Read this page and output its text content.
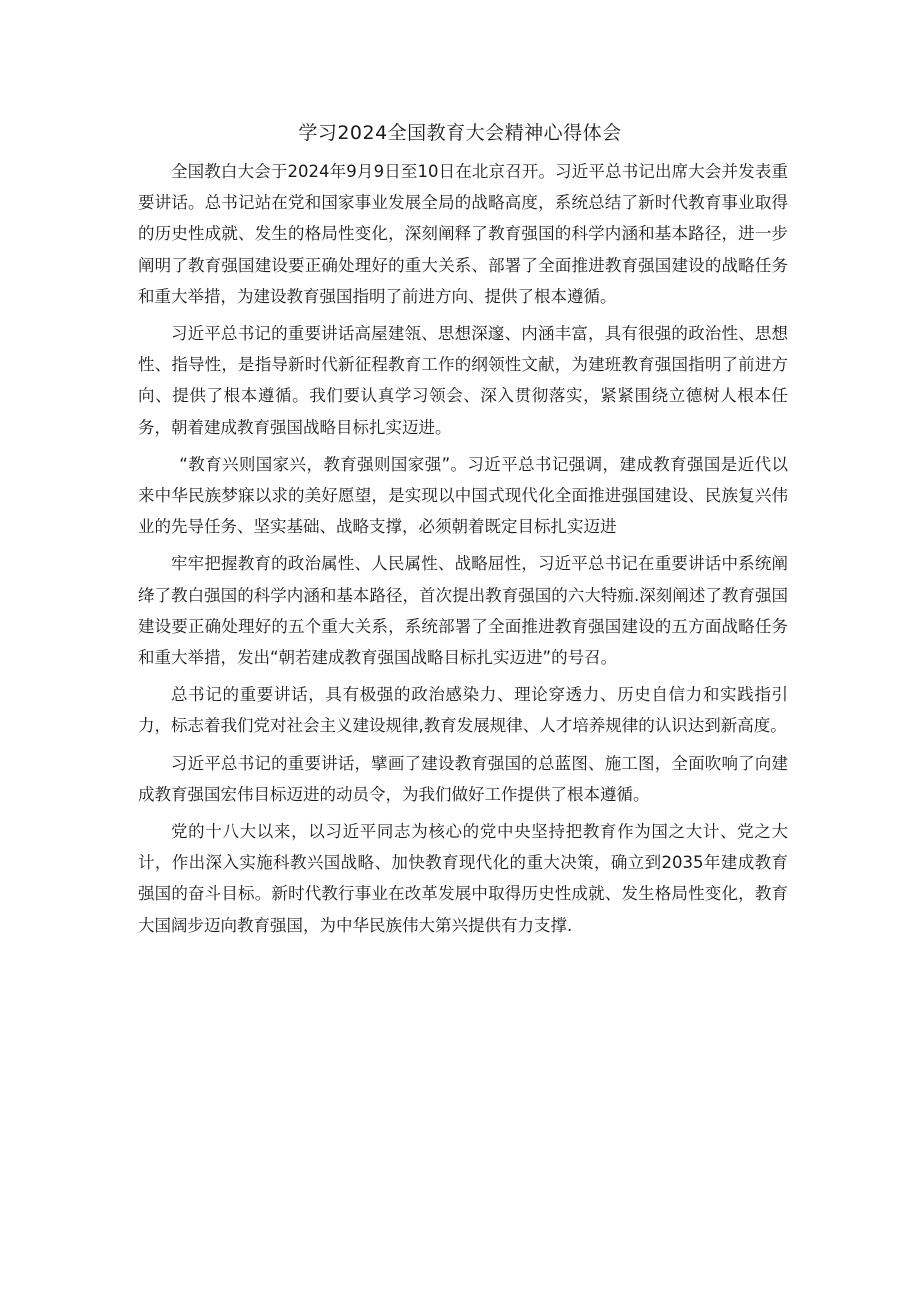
学习2024全国教育大会精神心得体会

全国教白大会于2024年9月9日至10日在北京召开。习近平总书记出席大会并发表重要讲话。总书记站在党和国家事业发展全局的战略高度，系统总结了新时代教育事业取得的历史性成就、发生的格局性变化，深刻阐释了教育强国的科学内涵和基本路径，进一步阐明了教育强国建设要正确处理好的重大关系、部署了全面推进教育强国建设的战略任务和重大举措，为建设教育强国指明了前进方向、提供了根本遵循。

习近平总书记的重要讲话高屋建瓴、思想深邃、内涵丰富，具有很强的政治性、思想性、指导性，是指导新时代新征程教育工作的纲领性文献，为建班教育强国指明了前进方向、提供了根本遵循。我们要认真学习领会、深入贯彻落实，紧紧围绕立德树人根本任务，朝着建成教育强国战略目标扎实迈进。

“教育兴则国家兴，教育强则国家强”。习近平总书记强调，建成教育强国是近代以来中华民族梦寐以求的美好愿望，是实现以中国式现代化全面推进强国建设、民族复兴伟业的先导任务、坚实基础、战略支撑，必须朝着既定目标扎实迈进

牢牢把握教育的政治属性、人民属性、战略屈性，习近平总书记在重要讲话中系统阐绛了教白强国的科学内涵和基本路径，首次提出教育强国的六大特痂.深刻阐述了教育强国建设要正确处理好的五个重大关系，系统部署了全面推进教育强国建设的五方面战略任务和重大举措，发出“朝若建成教育强国战略目标扎实迈进”的号召。

总书记的重要讲话，具有极强的政治感染力、理论穿透力、历史自信力和实践指引力，标志着我们党对社会主义建设规律,教育发展规律、人才培养规律的认识达到新高度。

习近平总书记的重要讲话，擘画了建设教育强国的总蓝图、施工图，全面吹响了向建成教育强国宏伟目标迈进的动员令，为我们做好工作提供了根本遵循。

党的十八大以来，以习近平同志为核心的党中央坚持把教育作为国之大计、党之大计，作出深入实施科教兴国战略、加快教育现代化的重大决策，确立到2035年建成教育强国的奋斗目标。新时代教行事业在改革发展中取得历史性成就、发生格局性变化，教育大国阔步迈向教育强国，为中华民族伟大第兴提供有力支撑.
